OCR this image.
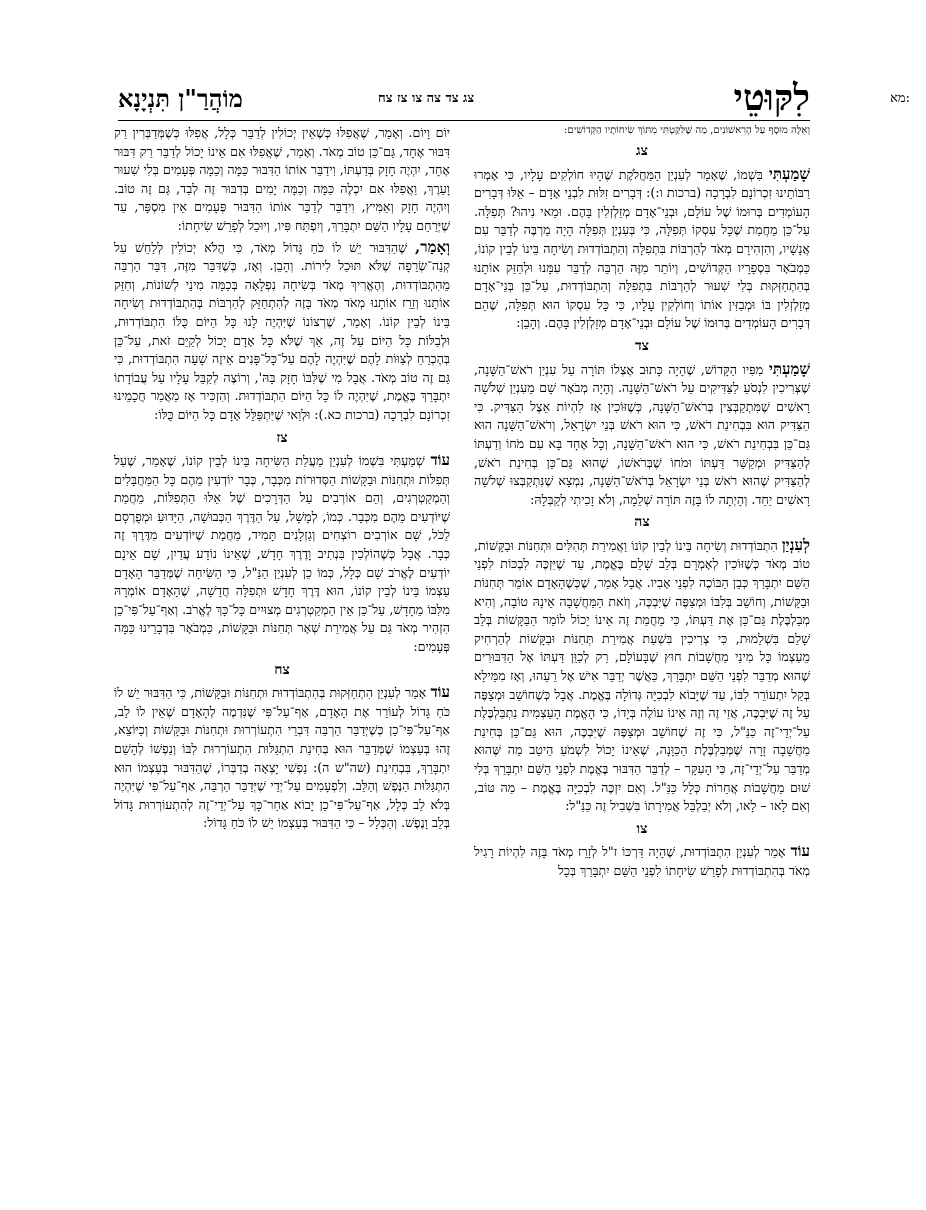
מא:
לִקּוּטֵי
צג צד צה צו צז צח
מוֹהֲרַ"ן תִּנְיָנָא

וְאֵלֶּה מוּסָף עַל הָרִאשׁוֹנִים, מַה שֶּׁלִּקַּטְתִּי מִתּוֹךְ שִׂיחוֹתָיו הַקְּדוֹשִׁים:

צג

שָׁמַעְתִּי בִּשְׁמוֹ, שֶׁאָמַר לְעִנְיַן הַמַּחֲלֹקֶת שֶׁהָיוּ חוֹלְקִים עָלָיו, כִּי אָמְרוּ רַבּוֹתֵינוּ זִכְרוֹנָם לִבְרָכָה (ברכות ו:): דְּבָרִים זִלּוּת לִבְנֵי אָדָם – אֵלּוּ דְּבָרִים הָעוֹמְדִים בְּרוּמוֹ שֶׁל עוֹלָם, וּבְנֵי־אָדָם מְזַלְזְלִין בָּהֶם. וּמַאי נִיהוּ? תְּפִלָּה. עַל־כֵּן מֵחֲמַת שֶׁכָּל עִסְקוֹ תְּפִלָּה, כִּי בְּעִנְיַן תְּפִלָּה הָיָה מַרְבֶּה לְדַבֵּר עִם אֲנָשָׁיו, וְהִזְהִירָם מְאֹד לְהַרְבּוֹת בִּתְפִלָּה וְהִתְבּוֹדְדוּת וְשִׂיחָה בֵּינוֹ לְבֵין קוֹנוֹ, כַּמְבֹאָר בִּסְפָרָיו הַקְּדוֹשִׁים, וְיוֹתֵר מִזֶּה הַרְבֵּה לְדַבֵּר עִמָּנוּ וּלְחַזֵּק אוֹתָנוּ בְּהִתְחַזְּקוּת בְּלִי שִׁעוּר לְהַרְבּוֹת בִּתְפִלָּה וְהִתְבּוֹדְדוּת, עַל־כֵּן בְּנֵי־אָדָם מְזַלְזְלִין בּוֹ וּמְבַזִּין אוֹתוֹ וְחוֹלְקִין עָלָיו, כִּי כָּל עִסְקוֹ הוּא תְּפִלָּה, שֶׁהֵם דְּבָרִים הָעוֹמְדִים בְּרוּמוֹ שֶׁל עוֹלָם וּבְנֵי־אָדָם מְזַלְזְלִין בָּהֶם. וְהָבֵן:

צד

שָׁמַעְתִּי מִפִּיו הַקָּדוֹשׁ, שֶׁהָיָה כָּתוּב אֶצְלוֹ תּוֹרָה עַל עִנְיַן רֹאשׁ־הַשָּׁנָה, שֶׁצְּרִיכִין לִנְסֹעַ לַצַּדִּיקִים עַל רֹאשׁ־הַשָּׁנָה. וְהָיָה מְבֹאָר שָׁם מֵעִנְיַן שְׁלֹשָׁה רָאשִׁים שֶׁמִּתְקַבְּצִין בְּרֹאשׁ־הַשָּׁנָה, כְּשֶׁזּוֹכִין אָז לִהְיוֹת אֵצֶל הַצַּדִּיק. כִּי הַצַּדִּיק הוּא בִּבְחִינַת רֹאשׁ, כִּי הוּא רֹאשׁ בְּנֵי יִשְׂרָאֵל, וְרֹאשׁ־הַשָּׁנָה הוּא גַּם־כֵּן בִּבְחִינַת רֹאשׁ, כִּי הוּא רֹאשׁ־הַשָּׁנָה, וְכָל אֶחָד בָּא עִם מֹחוֹ וְדַעְתּוֹ לְהַצַּדִּיק וּמְקַשֵּׁר דַּעְתּוֹ וּמֹחוֹ שֶׁבְּרֹאשׁוֹ, שֶׁהוּא גַּם־כֵּן בְּחִינַת רֹאשׁ, לְהַצַּדִּיק שֶׁהוּא רֹאשׁ בְּנֵי יִשְׂרָאֵל בְּרֹאשׁ־הַשָּׁנָה, נִמְצָא שֶׁנִּתְקַבְּצוּ שְׁלֹשָׁה רָאשִׁים יַחַד. וְהָיְתָה לוֹ בָּזֶה תּוֹרָה שְׁלֵמָה, וְלֹא זָכִיתִי לְקַבְּלָהּ:

צה

לְעִנְיַן הִתְבּוֹדְדוּת וְשִׂיחָה בֵּינוֹ לְבֵין קוֹנוֹ וַאֲמִירַת תְּהִלִּים וּתְחִנּוֹת וּבַקָּשׁוֹת, טוֹב מְאֹד כְּשֶׁזּוֹכִין לְאָמְרָם בְּלֵב שָׁלֵם בֶּאֱמֶת, עַד שֶׁיִּזְכֶּה לִבְכּוֹת לִפְנֵי הַשֵּׁם יִתְבָּרַךְ כְּבֵן הַבּוֹכֶה לִפְנֵי אָבִיו. אֲבָל אָמַר, שֶׁכְּשֶׁהָאָדָם אוֹמֵר תְּחִנּוֹת וּבַקָּשׁוֹת, וְחוֹשֵׁב בְּלִבּוֹ וּמְצַפֶּה שֶׁיִּבְכֶּה, וְזֹאת הַמַּחֲשָׁבָה אֵינָהּ טוֹבָה, וְהִיא מְבַלְבֶּלֶת גַּם־כֵּן אֶת דַּעְתּוֹ, כִּי מֵחֲמַת זֶה אֵינוֹ יָכוֹל לוֹמַר הַבַּקָּשׁוֹת בְּלֵב שָׁלֵם בִּשְׁלֵמוּת, כִּי צְרִיכִין בִּשְׁעַת אֲמִירַת תְּחִנּוֹת וּבַקָּשׁוֹת לְהַרְחִיק מֵעַצְמוֹ כָּל מִינֵי מַחֲשָׁבוֹת חוּץ שֶׁבָּעוֹלָם, רַק לְכַוֵּן דַּעְתּוֹ אֶל הַדִּבּוּרִים שֶׁהוּא מְדַבֵּר לִפְנֵי הַשֵּׁם יִתְבָּרַךְ, כַּאֲשֶׁר יְדַבֵּר אִישׁ אֶל רֵעֵהוּ, וְאָז מִמֵּילָא בְּקַל יִתְעוֹרֵר לִבּוֹ, עַד שֶׁיָּבוֹא לִבְכִיָּה גְּדוֹלָה בֶּאֱמֶת. אֲבָל כְּשֶׁחוֹשֵׁב וּמְצַפֶּה עַל זֶה שֶׁיִּבְכֶּה, אֲזַי זֶה וְזֶה אֵינוֹ עוֹלֶה בְּיָדוֹ, כִּי הָאֱמֶת הָעַצְמִית נִתְבַּלְבֶּלֶת עַל־יְדֵי־זֶה כַּנַּ"ל, כִּי זֶה שֶׁחוֹשֵׁב וּמְצַפֶּה שֶׁיִּבְכֶּה, הוּא גַּם־כֵּן בְּחִינַת מַחֲשָׁבָה זָרָה שֶׁמְּבַלְבֶּלֶת הַכַּוָּנָה, שֶׁאֵינוֹ יָכוֹל לִשְׁמֹעַ הֵיטֵב מַה שֶּׁהוּא מְדַבֵּר עַל־יְדֵי־זֶה, כִּי הָעִקָּר – לְדַבֵּר הַדִּבּוּר בֶּאֱמֶת לִפְנֵי הַשֵּׁם יִתְבָּרַךְ בְּלִי שׁוּם מַחֲשָׁבוֹת אֲחֵרוֹת כְּלָל כַּנַּ"ל. וְאִם יִזְכֶּה לִבְכִיָּה בֶּאֱמֶת – מַה טּוֹב, וְאִם לָאו – לָאו, וְלֹא יְבַלְבֵּל אֲמִירָתוֹ בִּשְׁבִיל זֶה כַּנַּ"ל:

צו

עוֹד אָמַר לְעִנְיַן הִתְבּוֹדְדוּת, שֶׁהָיָה דַּרְכּוֹ ז"ל לְזָרֵז מְאֹד בָּזֶה לִהְיוֹת רָגִיל מְאֹד בְּהִתְבּוֹדְדוּת לְפָרֵשׁ שִׂיחָתוֹ לִפְנֵי הַשֵּׁם יִתְבָּרַךְ בְּכָל

יוֹם וָיוֹם. וְאָמַר, שֶׁאֲפִלּוּ כְּשֶׁאֵין יְכוֹלִין לְדַבֵּר כְּלָל, אֲפִלּוּ כְּשֶׁמְּדַבְּרִין רַק דִּבּוּר אֶחָד, גַּם־כֵּן טוֹב מְאֹד. וְאָמַר, שֶׁאֲפִלּוּ אִם אֵינוֹ יָכוֹל לְדַבֵּר רַק דִּבּוּר אֶחָד, יִהְיֶה חָזָק בְּדַעְתּוֹ, וִידַבֵּר אוֹתוֹ הַדִּבּוּר כַּמָּה וְכַמָּה פְּעָמִים בְּלִי שִׁעוּר וָעֵרֶךְ, וַאֲפִלּוּ אִם יִכְלֶה כַּמָּה וְכַמָּה יָמִים בְּדִבּוּר זֶה לְבַד, גַּם זֶה טוֹב. וְיִהְיֶה חָזָק וְאַמִּיץ, וִידַבֵּר לְדַבֵּר אוֹתוֹ הַדִּבּוּר פְּעָמִים אֵין מִסְפָּר, עַד שֶׁיְּרַחֵם עָלָיו הַשֵּׁם יִתְבָּרַךְ, וְיִפְתַּח פִּיו, וְיוּכַל לְפָרֵשׁ שִׂיחָתוֹ:

וְאָמַר, שֶׁהַדִּבּוּר יֵשׁ לוֹ כֹּחַ גָּדוֹל מְאֹד, כִּי הֲלֹא יְכוֹלִין לְלַחֵשׁ עַל קְנֵה־שְׂרֵפָה שֶׁלֹּא תּוּכַל לִירוֹת. וְהָבֵן. וְאָז, כְּשֶׁדִּבֵּר מִזֶּה, דִּבֵּר הַרְבֵּה מֵהִתְבּוֹדְדוּת, וְהֶאֱרִיךְ מְאֹד בְּשִׂיחָה נִפְלָאָה בְּכַמָּה מִינֵי לְשׁוֹנוֹת, וְחִזֵּק אוֹתָנוּ וְזֵרֵז אוֹתָנוּ מְאֹד מְאֹד בָּזֶה לְהִתְחַזֵּק לְהַרְבּוֹת בְּהִתְבּוֹדְדוּת וְשִׂיחָה בֵּינוֹ לְבֵין קוֹנוֹ. וְאָמַר, שֶׁרְצוֹנוֹ שֶׁיִּהְיֶה לָנוּ כָּל הַיּוֹם כֻּלּוֹ הִתְבּוֹדְדוּת, וּלְבַלּוֹת כָּל הַיּוֹם עַל זֶה, אַךְ שֶׁלֹּא כָּל אָדָם יָכוֹל לְקַיֵּם זֹאת, עַל־כֵּן בְּהֶכְרֵחַ לְצַוּוֹת לָהֶם שֶׁיִּהְיֶה לָהֶם עַל־כָּל־פָּנִים אֵיזֶה שָׁעָה הִתְבּוֹדְדוּת, כִּי גַּם זֶה טוֹב מְאֹד. אֲבָל מִי שֶׁלִּבּוֹ חָזָק בָּהּ', וְרוֹצֶה לְקַבֵּל עָלָיו עַל עֲבוֹדָתוֹ יִתְבָּרַךְ בֶּאֱמֶת, שֶׁיִּהְיֶה לוֹ כָּל הַיּוֹם הִתְבּוֹדְדוּת. וְהִזְכִּיר אָז מַאֲמַר חֲכָמֵינוּ זִכְרוֹנָם לִבְרָכָה (ברכות כא.): וּלְוַאי שֶׁיִּתְפַּלֵּל אָדָם כָּל הַיּוֹם כֻּלּוֹ:

צז

עוֹד שְׁמַעְתִּי בִּשְׁמוֹ לְעִנְיַן מַעֲלַת הַשִּׂיחָה בֵּינוֹ לְבֵין קוֹנוֹ, שֶׁאָמַר, שֶׁעַל תְּפִלּוֹת וּתְחִנּוֹת וּבַקָּשׁוֹת הַסְּדוּרוֹת מִכְּבָר, כְּבָר יוֹדְעִין מֵהֶם כָּל הַמַּחֲבָּלִים וְהַמְקַטְרְגִים, וְהֵם אוֹרְבִים עַל הַדְּרָכִים שֶׁל אֵלּוּ הַתְּפִלּוֹת, מֵחֲמַת שֶׁיּוֹדְעִים מֵהֶם מִכְּבָר. כְּמוֹ, לְמָשָׁל, עַל הַדֶּרֶךְ הַכְּבוּשָׁה, הַיָּדוּעַ וּמְפֻרְסָם לַכֹּל, שָׁם אוֹרְבִים רוֹצְחִים וְגַזְלָנִים תָּמִיד, מֵחֲמַת שֶׁיּוֹדְעִים מִדֶּרֶךְ זֶה כְּבָר. אֲבָל כְּשֶׁהוֹלְכִין בִּנְתִיב וָדֶרֶךְ חָדָשׁ, שֶׁאֵינוֹ נוֹדָע עֲדַיִן, שָׁם אֵינָם יוֹדְעִים לֶאֱרֹב שָׁם כְּלָל, כְּמוֹ כֵן לְעִנְיַן הַנַּ"ל, כִּי הַשִּׂיחָה שֶׁמְּדַבֵּר הָאָדָם עַצְמוֹ בֵּינוֹ לְבֵין קוֹנוֹ, הוּא דֶּרֶךְ חָדָשׁ וּתְפִלָּה חֲדָשָׁה, שֶׁהָאָדָם אוֹמְרָהּ מִלִּבּוֹ מֵחָדָשׁ, עַל־כֵּן אֵין הַמְקַטְרְגִים מְצוּיִים כָּל־כָּךְ לֶאֱרֹב. וְאַף־עַל־פִּי־כֵן הִזְהִיר מְאֹד גַּם עַל אֲמִירַת שְׁאָר תְּחִנּוֹת וּבַקָּשׁוֹת, כַּמְבֹאָר בִּדְבָרֵינוּ כַּמָּה פְּעָמִים:

צח

עוֹד אָמַר לְעִנְיַן הִתְחַזְּקוּת בְּהִתְבּוֹדְדוּת וּתְחִנּוֹת וּבַקָּשׁוֹת, כִּי הַדִּבּוּר יֵשׁ לוֹ כֹּחַ גָּדוֹל לְעוֹרֵר אֶת הָאָדָם, אַף־עַל־פִּי שֶׁנִּדְמֶה לְהָאָדָם שֶׁאֵין לוֹ לֵב, אַף־עַל־פִּי־כֵן כְּשֶׁיְּדַבֵּר הַרְבֵּה דִּבְרֵי הִתְעוֹרְרוּת וּתְחִנּוֹת וּבַקָּשׁוֹת וְכַיּוֹצֵא, זֶהוּ בְּעַצְמוֹ שֶׁמְּדַבֵּר הוּא בְּחִינַת הִתְגַּלּוּת הִתְעוֹרְרוּת לִבּוֹ וְנַפְשׁוֹ לְהָשֵׁם יִתְבָּרַךְ, בִּבְחִינַת (שה"ש ה): נַפְשִׁי יָצְאָה בְדַבְּרוֹ, שֶׁהַדִּבּוּר בְּעַצְמוֹ הוּא הִתְגַּלּוּת הַנֶּפֶשׁ וְהַלֵּב. וְלִפְעָמִים עַל־יְדֵי שֶׁיְּדַבֵּר הַרְבֵּה, אַף־עַל־פִּי שֶׁיִּהְיֶה בְּלֹא לֵב כְּלָל, אַף־עַל־פִּי־כֵן יָבוֹא אַחַר־כָּךְ עַל־יְדֵי־זֶה לְהִתְעוֹרְרוּת גָּדוֹל בְּלֵב וָנֶפֶשׁ. וְהַכְּלָל – כִּי הַדִּבּוּר בְּעַצְמוֹ יֵשׁ לוֹ כֹּחַ גָּדוֹל:
